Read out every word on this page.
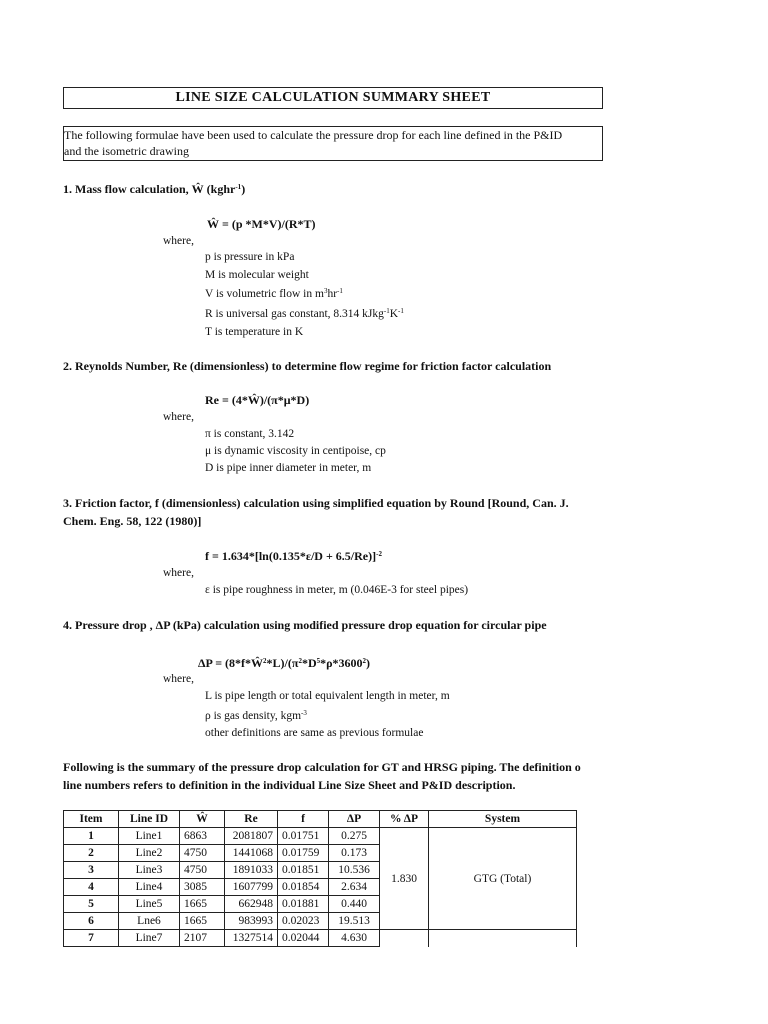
LINE SIZE CALCULATION SUMMARY SHEET
The following formulae have been used to calculate the pressure drop for each line defined in the P&ID
and the isometric drawing
1. Mass flow calculation, Ŵ (kghr$^{-1}$)
Ŵ = (p *M*V)/(R*T)
where,
p is pressure in kPa
M is molecular weight
V is volumetric flow in $m^3hr^{-1}$
R is universal gas constant, 8.314 $kJkg^{-1}K^{-1}$
T is temperature in K
2. Reynolds Number, Re (dimensionless) to determine flow regime for friction factor calculation
Re = (4*Ŵ)/(π*μ*D)
where,
π is constant, 3.142
μ is dynamic viscosity in centipoise, cp
D is pipe inner diameter in meter, m
3. Friction factor, f (dimensionless) calculation using simplified equation by Round [Round, Can. J.
Chem. Eng. 58, 122 (1980)]
$f = 1.634*[\ln(0.135*\varepsilon/D + 6.5/Re)]^{-2}$
where,
ε is pipe roughness in meter, m (0.046E-3 for steel pipes)
4. Pressure drop , ΔP (kPa) calculation using modified pressure drop equation for circular pipe
$\Delta P = (8*f*Ŵ^2*L)/(\pi^2*D^5*\rho*3600^2)$
where,
L is pipe length or total equivalent length in meter, m
ρ is gas density, kgm$^{-3}$
other definitions are same as previous formulae
Following is the summary of the pressure drop calculation for GT and HRSG piping. The definition o
line numbers refers to definition in the individual Line Size Sheet and P&ID description.
Item	Line ID	Ŵ	Re	f	ΔP	% ΔP	System
1	Line1	6863	2081807	0.01751	0.275	1.830	GTG (Total)
2	Line2	4750	1441068	0.01759	0.173		
3	Line3	4750	1891033	0.01851	10.536		
4	Line4	3085	1607799	0.01854	2.634		
5	Line5	1665	662948	0.01881	0.440		
6	Lne6	1665	983993	0.02023	19.513		
7	Line7	2107	1327514	0.02044	4.630		
